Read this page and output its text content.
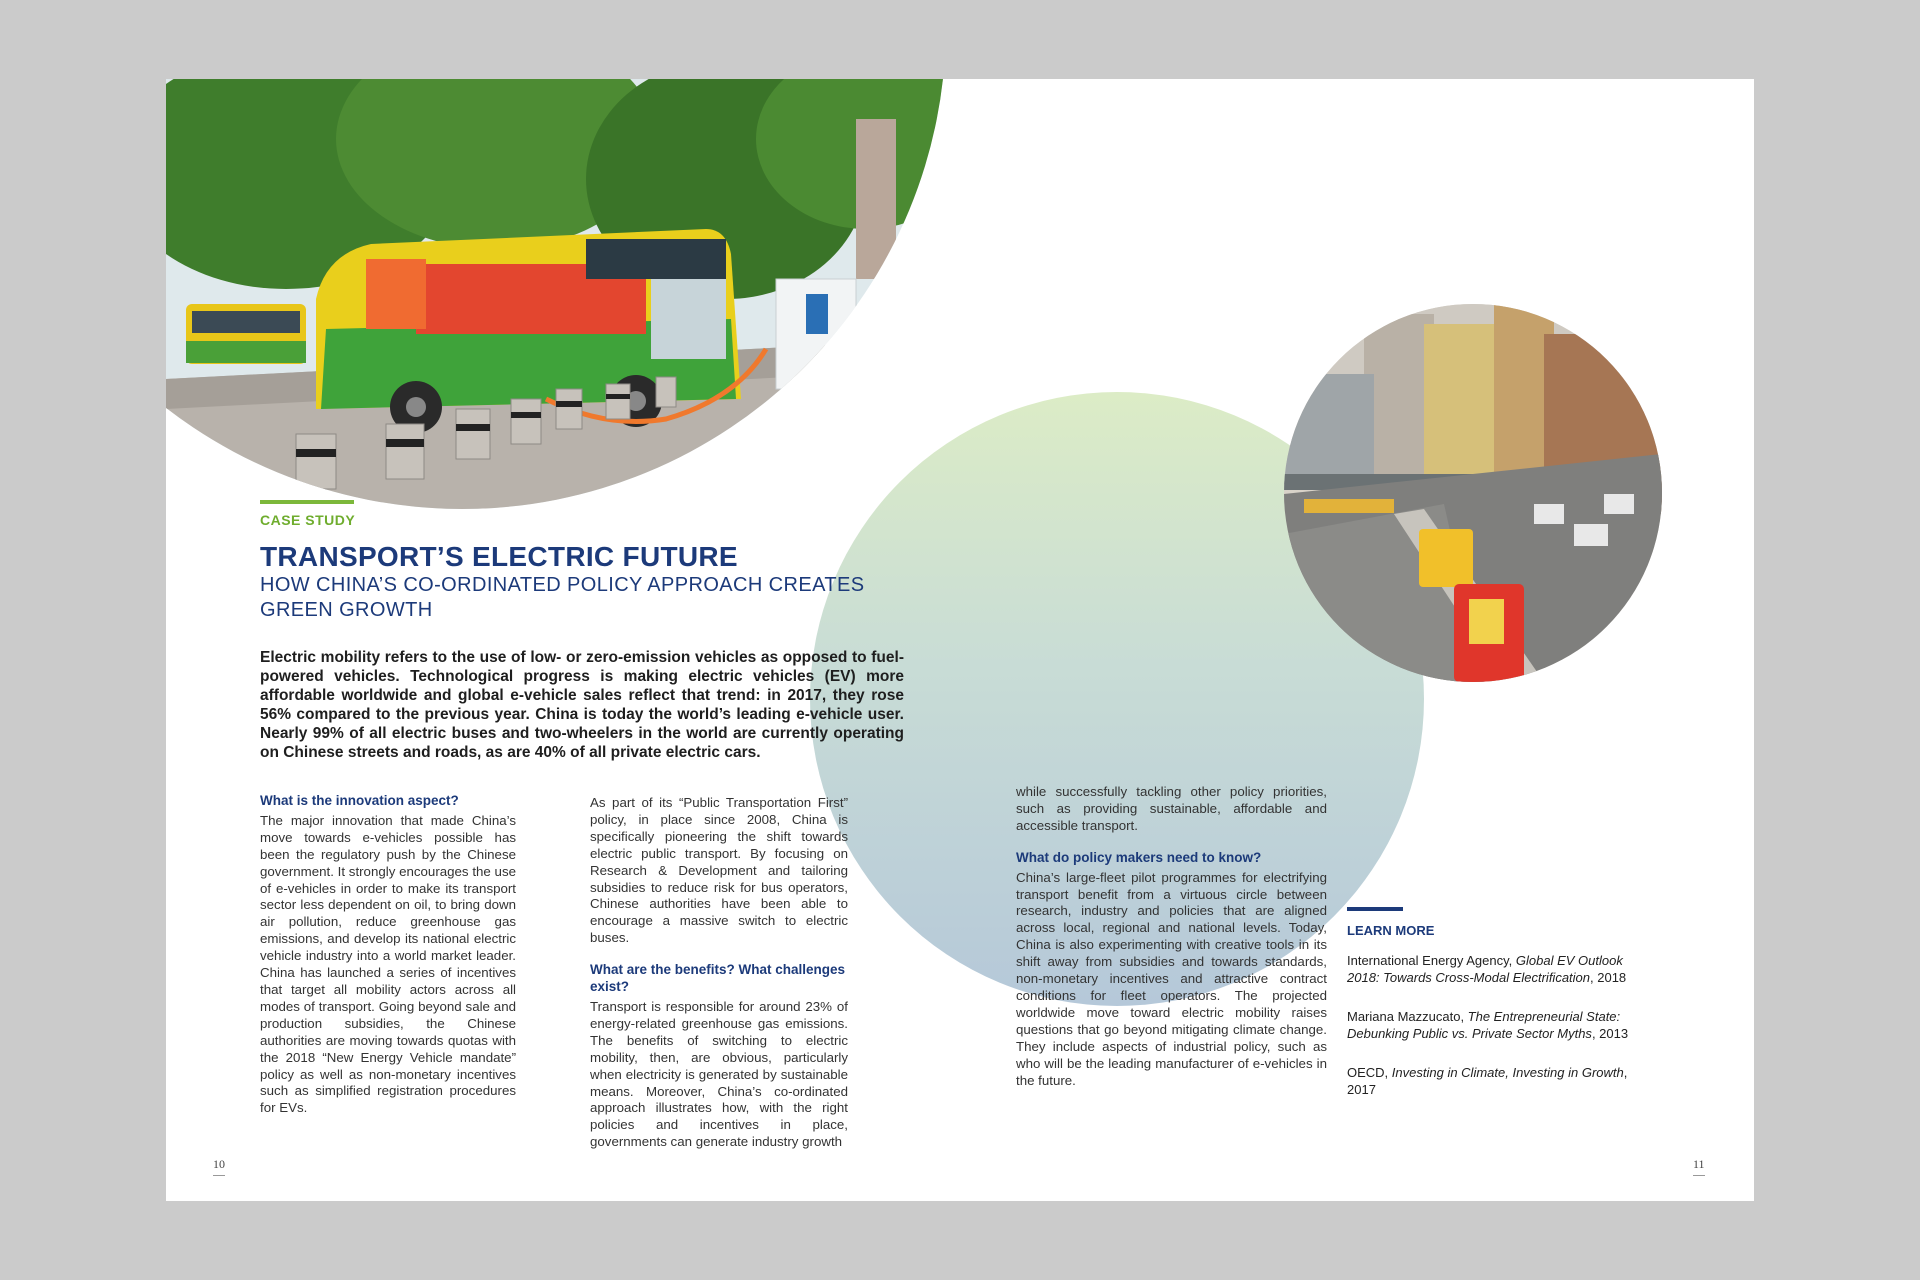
CASE STUDY
TRANSPORT’S ELECTRIC FUTURE
HOW CHINA’S CO-ORDINATED POLICY APPROACH CREATES GREEN GROWTH
Electric mobility refers to the use of low- or zero-emission vehicles as opposed to fuel-powered vehicles. Technological progress is making electric vehicles (EV) more affordable worldwide and global e-vehicle sales reflect that trend: in 2017, they rose 56% compared to the previous year. China is today the world’s leading e-vehicle user. Nearly 99% of all electric buses and two-wheelers in the world are currently operating on Chinese streets and roads, as are 40% of all private electric cars.
What is the innovation aspect?

The major innovation that made China’s move towards e-vehicles possible has been the regulatory push by the Chinese government. It strongly encourages the use of e-vehicles in order to make its transport sector less dependent on oil, to bring down air pollution, reduce greenhouse gas emissions, and develop its national electric vehicle industry into a world market leader. China has launched a series of incentives that target all mobility actors across all modes of transport. Going beyond sale and production subsidies, the Chinese authorities are moving towards quotas with the 2018 “New Energy Vehicle mandate” policy as well as non-monetary incentives such as simplified registration procedures for EVs.

As part of its “Public Transportation First” policy, in place since 2008, China is specifically pioneering the shift towards electric public transport. By focusing on Research & Development and tailoring subsidies to reduce risk for bus operators, Chinese authorities have been able to encourage a massive switch to electric buses.

What are the benefits? What challenges exist?

Transport is responsible for around 23% of energy-related greenhouse gas emissions. The benefits of switching to electric mobility, then, are obvious, particularly when electricity is generated by sustainable means. Moreover, China’s co-ordinated approach illustrates how, with the right policies and incentives in place, governments can generate industry growth

while successfully tackling other policy priorities, such as providing sustainable, affordable and accessible transport.

What do policy makers need to know?

China’s large-fleet pilot programmes for electrifying transport benefit from a virtuous circle between research, industry and policies that are aligned across local, regional and national levels. Today, China is also experimenting with creative tools in its shift away from subsidies and towards standards, non-monetary incentives and attractive contract conditions for fleet operators. The projected worldwide move toward electric mobility raises questions that go beyond mitigating climate change. They include aspects of industrial policy, such as who will be the leading manufacturer of e-vehicles in the future.

LEARN MORE
International Energy Agency, Global EV Outlook 2018: Towards Cross-Modal Electrification, 2018
Mariana Mazzucato, The Entrepreneurial State: Debunking Public vs. Private Sector Myths, 2013
OECD, Investing in Climate, Investing in Growth, 2017
10	11
